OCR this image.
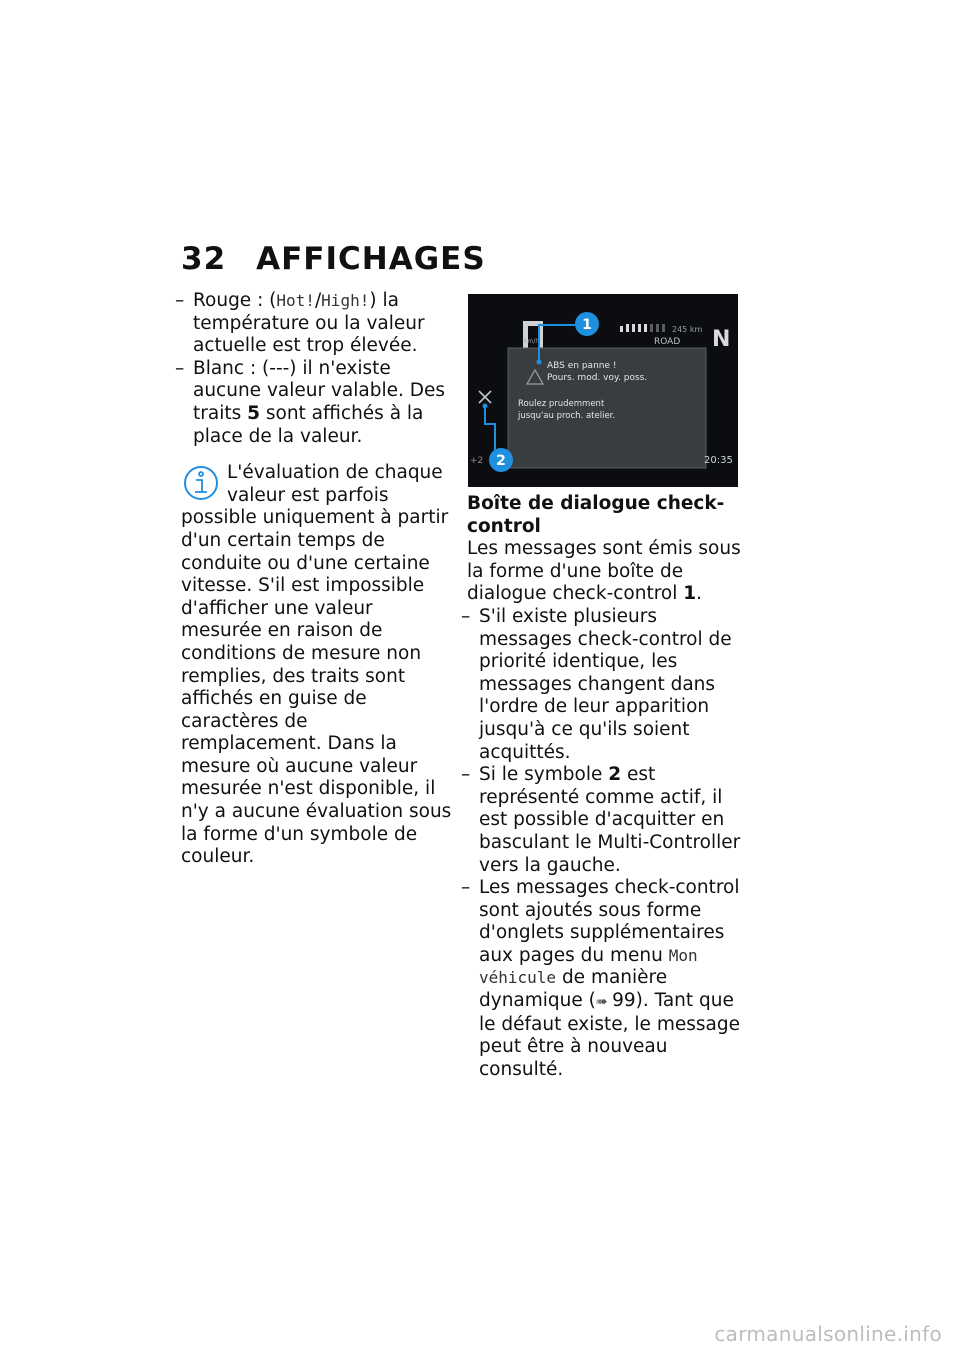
32 AFFICHAGES

– Rouge : (Hot!/High!) la température ou la valeur actuelle est trop élevée.

– Blanc : (---) il n'existe aucune valeur valable. Des traits 5 sont affichés à la place de la valeur.

L'évaluation de chaque valeur est parfois possible uniquement à partir d'un certain temps de conduite ou d'une certaine vitesse. S'il est impossible d'afficher une valeur mesurée en raison de conditions de mesure non remplies, des traits sont affichés en guise de caractères de remplacement. Dans la mesure où aucune valeur mesurée n'est disponible, il n'y a aucune évaluation sous la forme d'un symbole de couleur.
km/h
245 km
ROAD N
ABS en panne !
Pours. mod. voy. poss.
Roulez prudemment
jusqu'au proch. atelier.
+2	20:35
1
2

Boîte de dialogue check-control

Les messages sont émis sous la forme d'une boîte de dialogue check-control 1.

– S'il existe plusieurs messages check-control de priorité identique, les messages changent dans l'ordre de leur apparition jusqu'à ce qu'ils soient acquittés.

– Si le symbole 2 est représenté comme actif, il est possible d'acquitter en basculant le Multi-Controller vers la gauche.

– Les messages check-control sont ajoutés sous forme d'onglets supplémentaires aux pages du menu Mon véhicule de manière dynamique (➠ 99). Tant que le défaut existe, le message peut être à nouveau consulté.

carmanualsonline.info
